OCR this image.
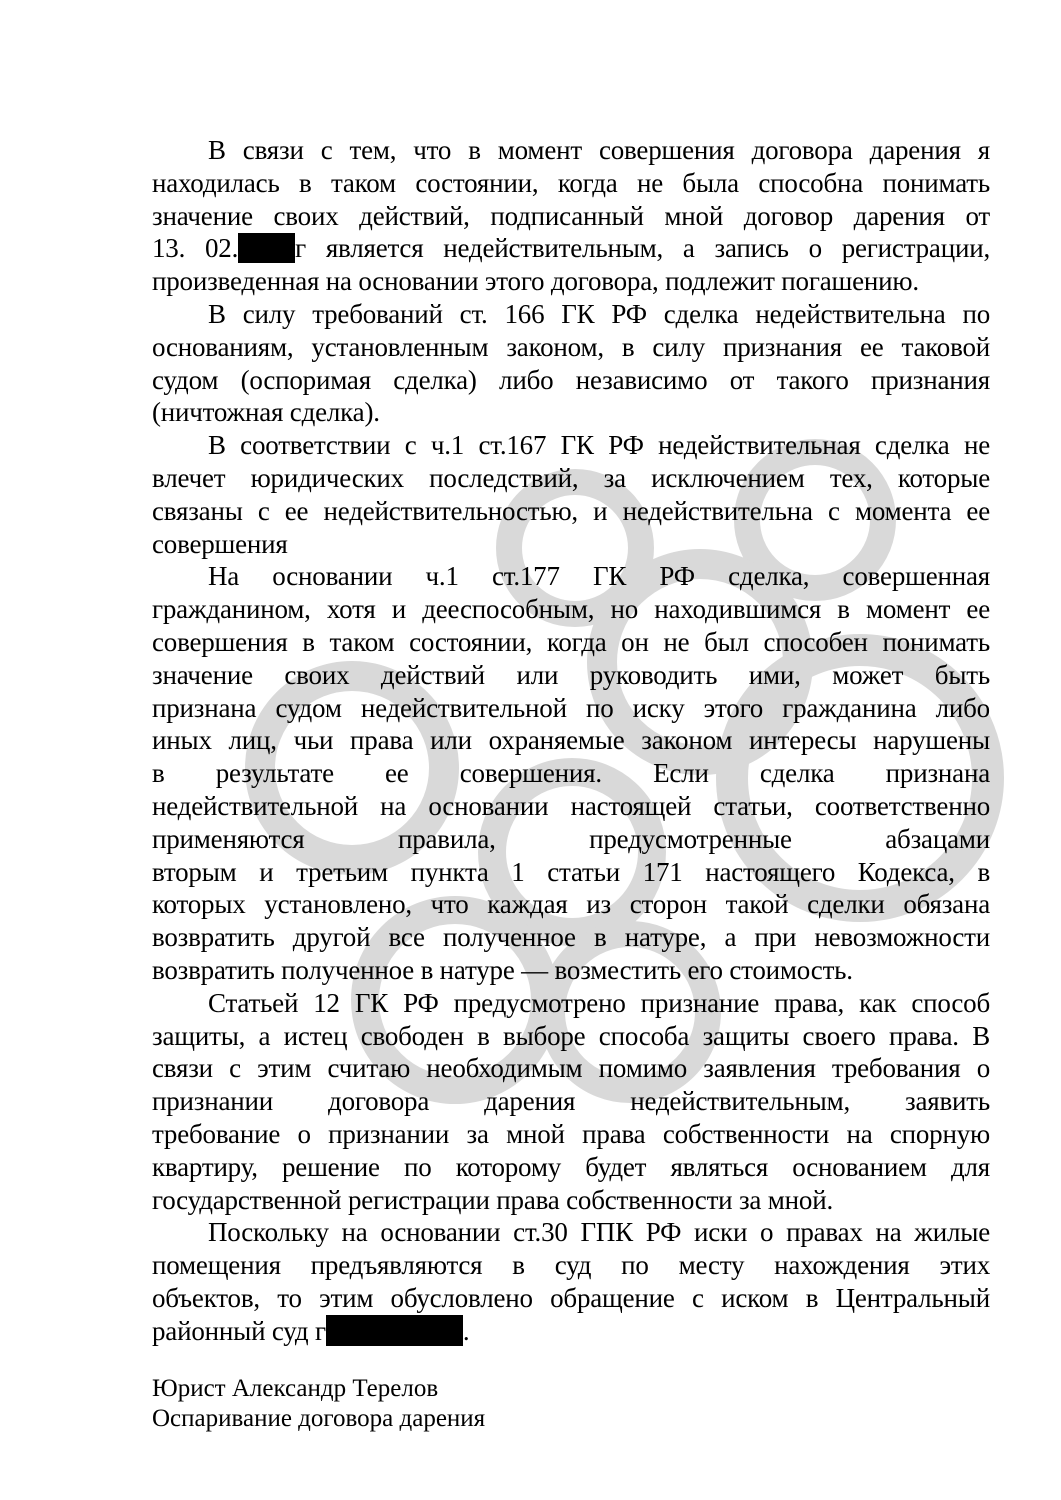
В связи с тем, что в момент совершения договора дарения я
находилась в таком состоянии, когда не была способна понимать
значение своих действий, подписанный мной договор дарения от
13. 02. г является недействительным, а запись о регистрации,
произведенная на основании этого договора, подлежит погашению.
В силу требований ст. 166 ГК РФ сделка недействительна по
основаниям, установленным законом, в силу признания ее таковой
судом (оспоримая сделка) либо независимо от такого признания
(ничтожная сделка).
В соответствии с ч.1 ст.167 ГК РФ недействительная сделка не
влечет юридических последствий, за исключением тех, которые
связаны с ее недействительностью, и недействительна с момента ее
совершения
На основании ч.1 ст.177 ГК РФ сделка, совершенная
гражданином, хотя и дееспособным, но находившимся в момент ее
совершения в таком состоянии, когда он не был способен понимать
значение своих действий или руководить ими, может быть
признана судом недействительной по иску этого гражданина либо
иных лиц, чьи права или охраняемые законом интересы нарушены
в результате ее совершения. Если сделка признана
недействительной на основании настоящей статьи, соответственно
применяются правила, предусмотренные абзацами
вторым и третьим пункта 1 статьи 171 настоящего Кодекса, в
которых установлено, что каждая из сторон такой сделки обязана
возвратить другой все полученное в натуре, а при невозможности
возвратить полученное в натуре — возместить его стоимость.
Статьей 12 ГК РФ предусмотрено признание права, как способ
защиты, а истец свободен в выборе способа защиты своего права. В
связи с этим считаю необходимым помимо заявления требования о
признании договора дарения недействительным, заявить
требование о признании за мной права собственности на спорную
квартиру, решение по которому будет являться основанием для
государственной регистрации права собственности за мной.
Поскольку на основании ст.30 ГПК РФ иски о правах на жилые
помещения предъявляются в суд по месту нахождения этих
объектов, то этим обусловлено обращение с иском в Центральный
районный суд г	.
Юрист Александр Терелов
Оспаривание договора дарения
